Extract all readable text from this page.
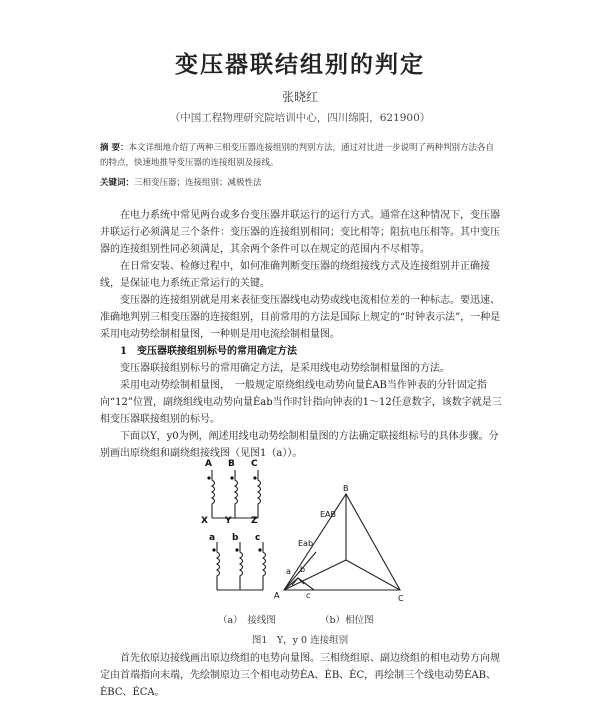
变压器联结组别的判定
张晓红
（中国工程物理研究院培训中心，四川绵阳，621900）
摘 要：本文详细地介绍了两种三相变压器连接组别的判别方法，通过对比进一步说明了两种判别方法各自的特点，快速地推导变压器的连接组别及接线。
关键词：三相变压器；连接组别；减极性法

在电力系统中常见两台或多台变压器并联运行的运行方式。通常在这种情况下，变压器并联运行必须满足三个条件：变压器的连接组别相同；变比相等；阻抗电压相等。其中变压器的连接组别性同必须满足，其余两个条件可以在规定的范围内不尽相等。

在日常安装、检修过程中，如何准确判断变压器的绕组接线方式及连接组别并正确接线，是保证电力系统正常运行的关键。

变压器的连接组别就是用来表征变压器线电动势或线电流相位差的一种标志。要迅速、准确地判别三相变压器的连接组别，目前常用的方法是国际上规定的“时钟表示法”，一种是采用电动势绘制相量图，一种则是用电流绘制相量图。

1　变压器联接组别标号的常用确定方法

变压器联接组别标号的常用确定方法，是采用线电动势绘制相量图的方法。

采用电动势绘制相量图，　一般规定原绕组线电动势向量ĖAB当作钟表的分针固定指向“12”位置，副绕组线电动势向量Ėab当作时针指向钟表的1～12任意数字，该数字就是三相变压器联接组别的标号。

下面以Y，y0为例，阐述用线电动势绘制相量图的方法确定联接组标号的具体步骤。分别画出原绕组和副绕组接线图（见图1（a））。

A B C
X Y Z
a b c
B
A	C
EAB
Eab
a b
c
（a）　接线图	（b）相位图
图1　Y，y 0 连接组别

首先依原边接线画出原边绕组的电势向量图。三相绕组原、副边绕组的相电动势方向规

定由首端指向末端，先绘制原边三个相电动势ĖA、ĖB、ĖC，再绘制三个线电动势ĖAB、ĖBC、ĖCA。
